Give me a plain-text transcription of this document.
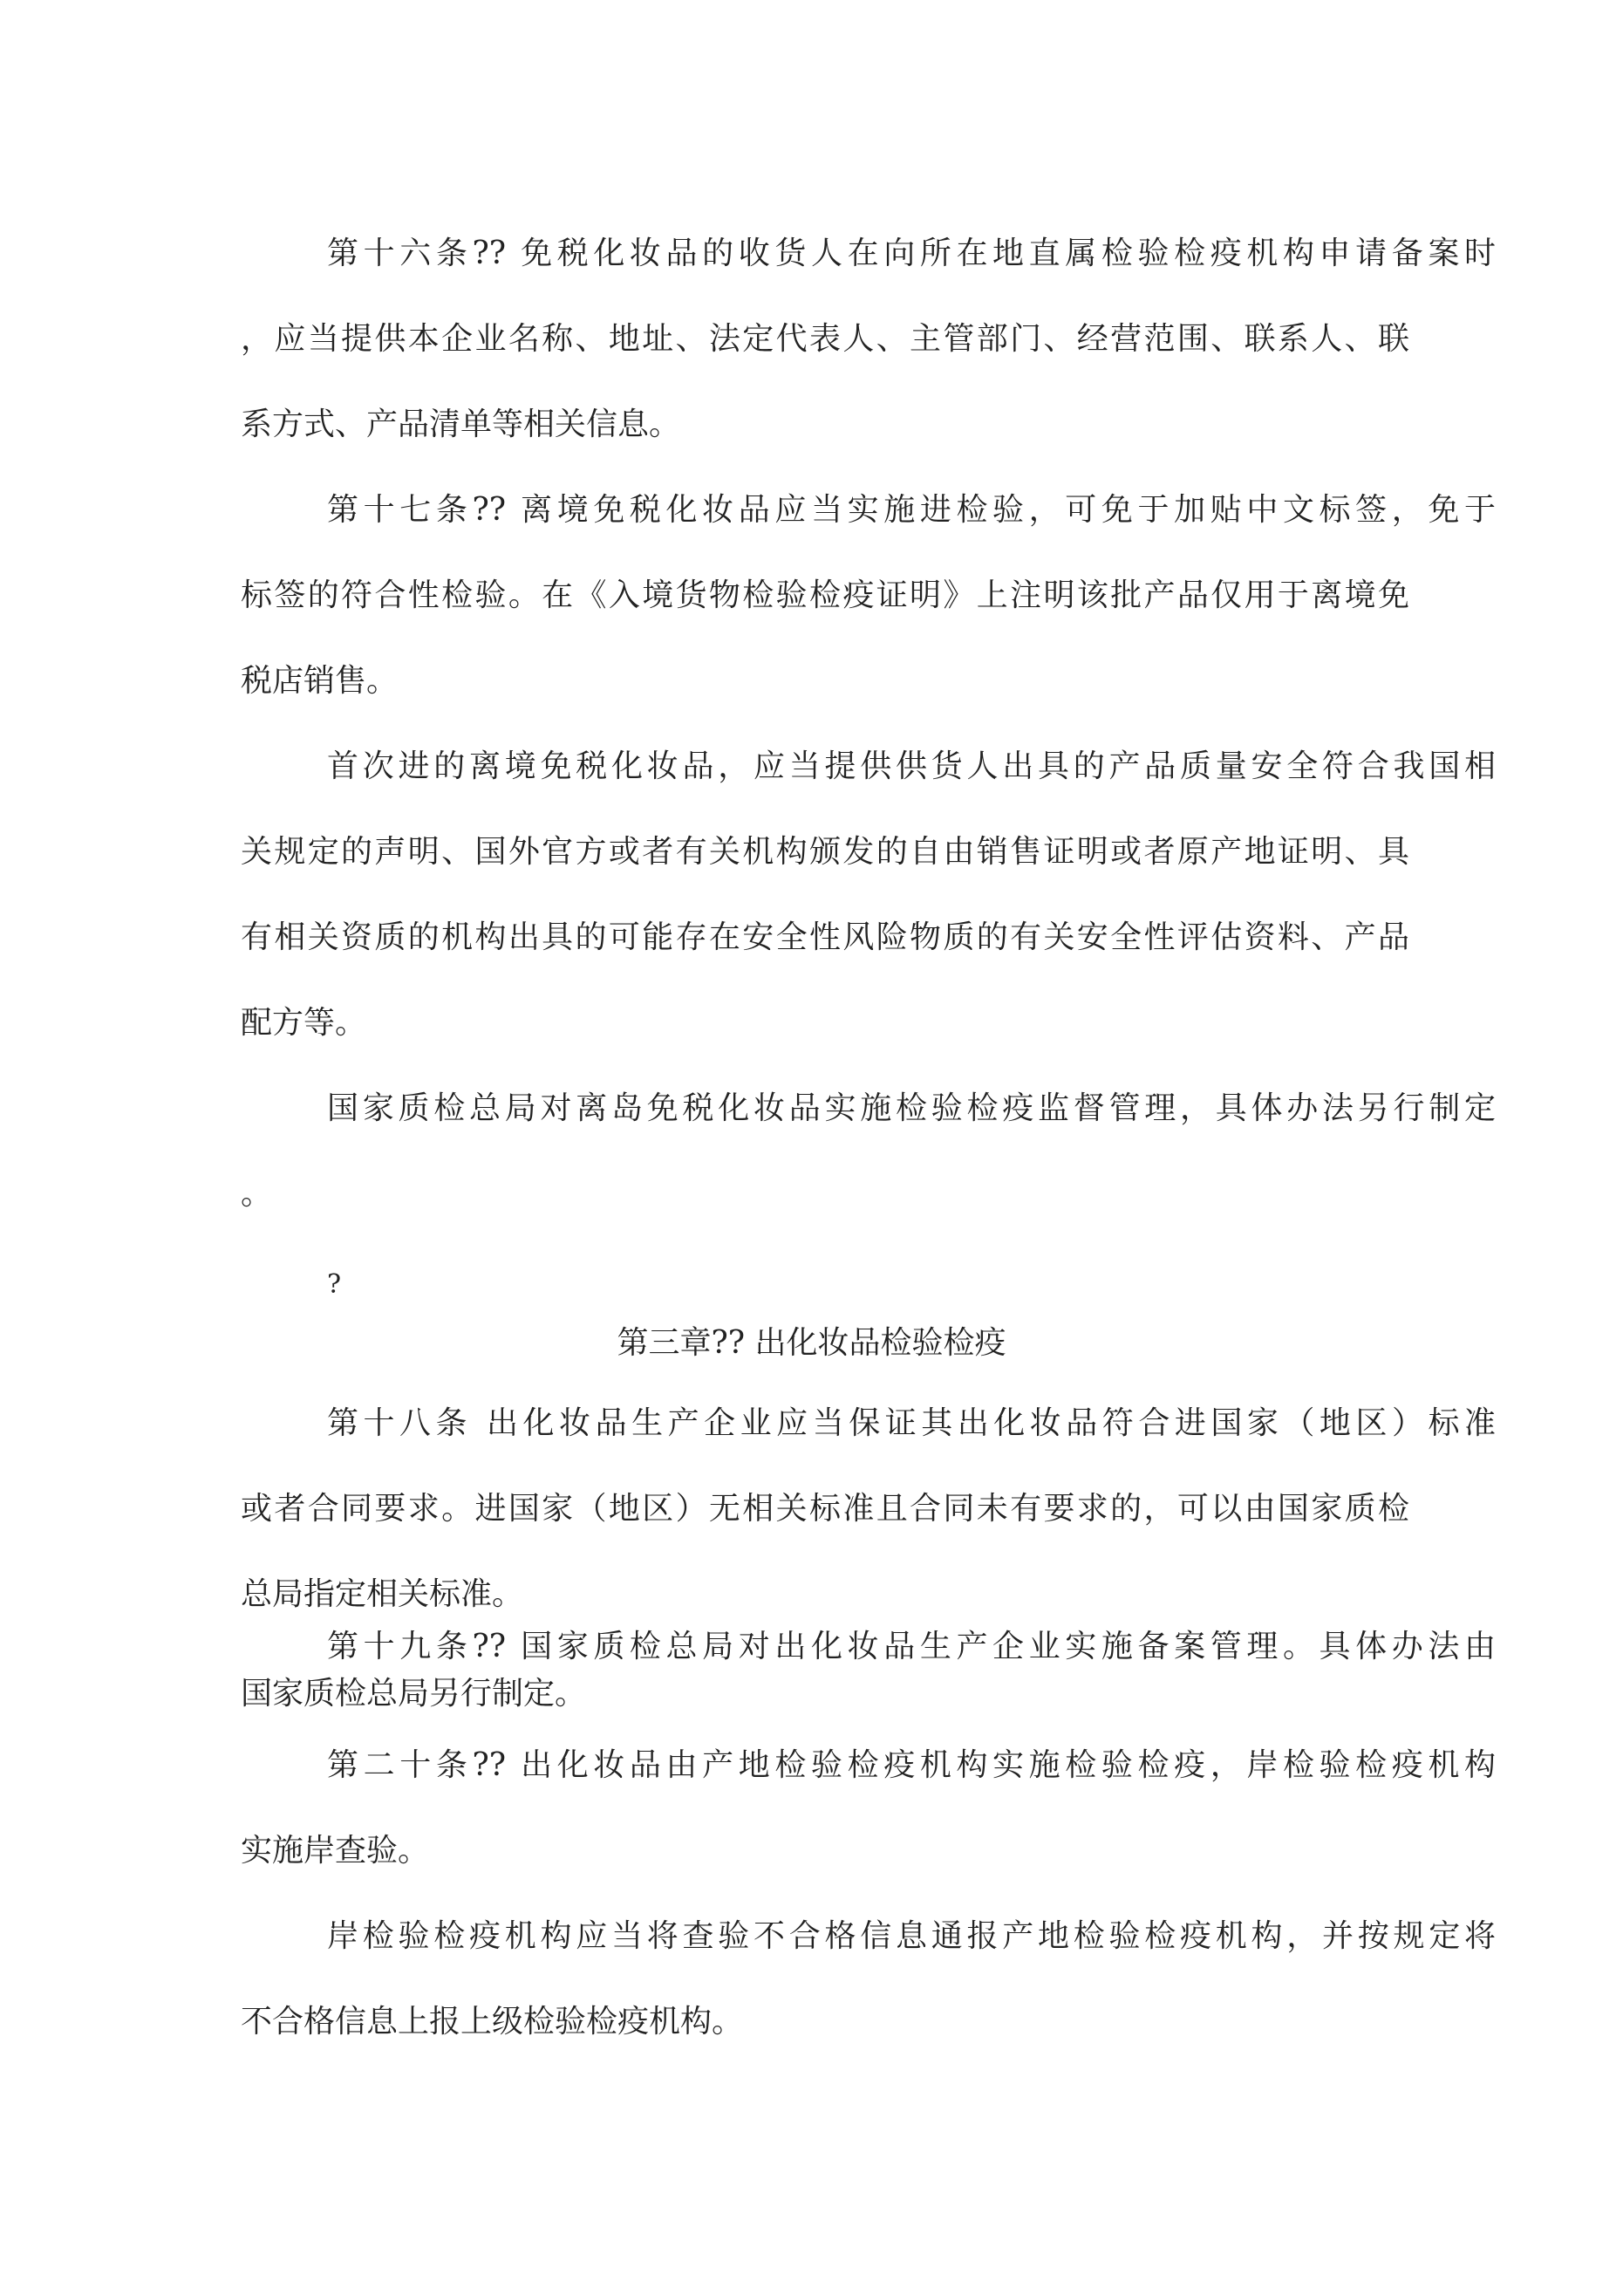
第十六条?? 免税化妆品的收货人在向所在地直属检验检疫机构申请备案时
，应当提供本企业名称、地址、法定代表人、主管部门、经营范围、联系人、联
系方式、产品清单等相关信息。
第十七条?? 离境免税化妆品应当实施进检验，可免于加贴中文标签，免于
标签的符合性检验。在《入境货物检验检疫证明》上注明该批产品仅用于离境免
税店销售。
首次进的离境免税化妆品，应当提供供货人出具的产品质量安全符合我国相
关规定的声明、国外官方或者有关机构颁发的自由销售证明或者原产地证明、具
有相关资质的机构出具的可能存在安全性风险物质的有关安全性评估资料、产品
配方等。
国家质检总局对离岛免税化妆品实施检验检疫监督管理，具体办法另行制定
。
?
第三章?? 出化妆品检验检疫
第十八条 出化妆品生产企业应当保证其出化妆品符合进国家（地区）标准
或者合同要求。进国家（地区）无相关标准且合同未有要求的，可以由国家质检
总局指定相关标准。
第十九条?? 国家质检总局对出化妆品生产企业实施备案管理。具体办法由
国家质检总局另行制定。
第二十条?? 出化妆品由产地检验检疫机构实施检验检疫，岸检验检疫机构
实施岸查验。
岸检验检疫机构应当将查验不合格信息通报产地检验检疫机构，并按规定将
不合格信息上报上级检验检疫机构。
